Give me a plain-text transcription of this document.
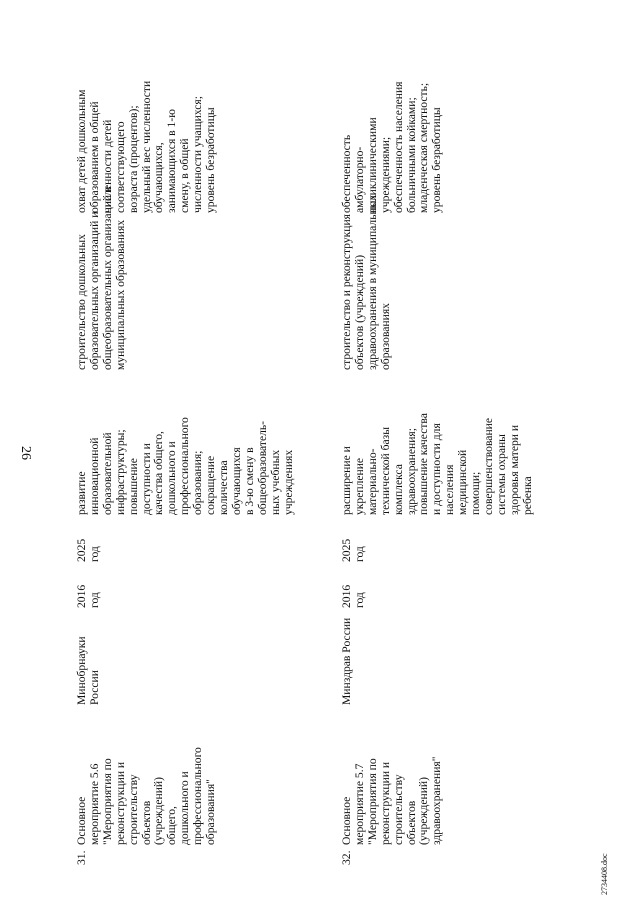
26
2734408.doc
31.
Основное
мероприятие 5.6
"Мероприятия по
реконструкции и
строительству
объектов
(учреждений)
общего,
дошкольного и
профессионального
образования"
Минобрнауки
России
2016
год
2025
год
развитие
инновационной
образовательной
инфраструктуры;
повышение
доступности и
качества общего,
дошкольного и
профессионального
образования;
сокращение
количества
обучающихся
в 3-ю смену в
общеобразователь-
ных учебных
учреждениях
строительство дошкольных
образовательных организаций и
общеобразовательных организаций в
муниципальных образованиях
охват детей дошкольным
образованием в общей
численности детей
соответствующего
возраста (процентов);
удельный вес численности
обучающихся,
занимающихся в 1-ю
смену, в общей
численности учащихся;
уровень безработицы
32.
Основное
мероприятие 5.7
"Мероприятия по
реконструкции и
строительству
объектов
(учреждений)
здравоохранения"
Минздрав России
2016
год
2025
год
расширение и
укрепление
материально-
технической базы
комплекса
здравоохранения;
повышение качества
и доступности для
населения
медицинской
помощи;
совершенствование
системы охраны
здоровья матери и
ребенка
строительство и реконструкция
объектов (учреждений)
здравоохранения в муниципальных
образованиях
обеспеченность
амбулаторно-
поликлиническими
учреждениями;
обеспеченность населения
больничными койками;
младенческая смертность;
уровень безработицы
